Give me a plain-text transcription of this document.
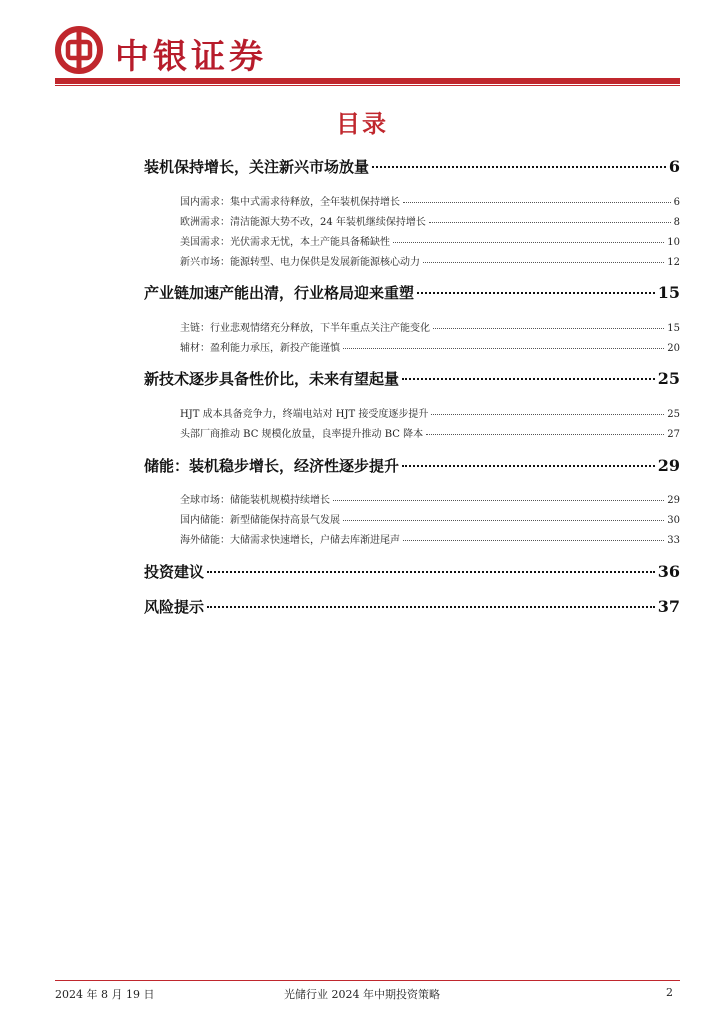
中银证券
目录
装机保持增长，关注新兴市场放量	6
国内需求：集中式需求待释放，全年装机保持增长	6
欧洲需求：清洁能源大势不改，24 年装机继续保持增长	8
美国需求：光伏需求无忧，本土产能具备稀缺性	10
新兴市场：能源转型、电力保供是发展新能源核心动力	12
产业链加速产能出清，行业格局迎来重塑	15
主链：行业悲观情绪充分释放，下半年重点关注产能变化	15
辅材：盈利能力承压，新投产能谨慎	20
新技术逐步具备性价比，未来有望起量	25
HJT 成本具备竞争力，终端电站对 HJT 接受度逐步提升	25
头部厂商推动 BC 规模化放量，良率提升推动 BC 降本	27
储能：装机稳步增长，经济性逐步提升	29
全球市场：储能装机规模持续增长	29
国内储能：新型储能保持高景气发展	30
海外储能：大储需求快速增长，户储去库渐进尾声	33
投资建议	36
风险提示	37
2024 年 8 月 19 日	光储行业 2024 年中期投资策略	2
